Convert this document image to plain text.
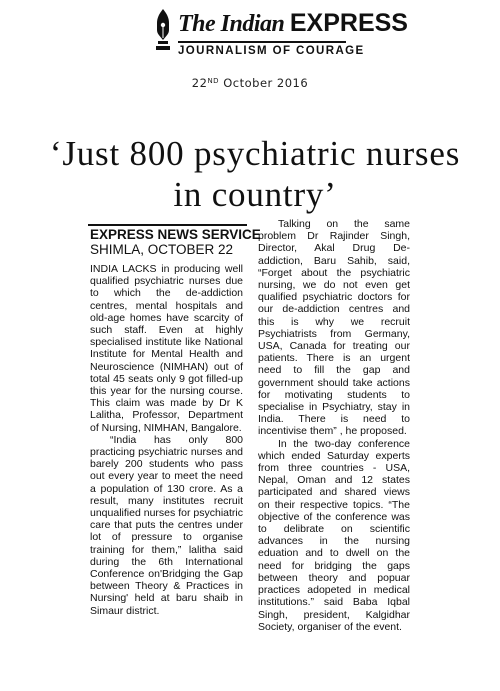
The Indian EXPRESS
JOURNALISM OF COURAGE
22ND October 2016
‘Just 800 psychiatric nurses in country’
EXPRESS NEWS SERVICE
SHIMLA, OCTOBER 22

INDIA LACKS in producing well qualified psychiatric nurses due to which the de-addiction centres, mental hospitals and old-age homes have scarcity of such staff. Even at highly specialised institute like National Institute for Mental Health and Neuroscience (NIMHAN) out of total 45 seats only 9 got filled-up this year for the nursing course. This claim was made by Dr K Lalitha, Professor, Department of Nursing, NIMHAN, Bangalore.

“India has only 800 practicing psychiatric nurses and barely 200 students who pass out every year to meet the need a population of 130 crore. As a result, many institutes recruit unqualified nurses for psychiatric care that puts the centres under lot of pressure to organise training for them,” lalitha said during the 6th International Conference on'Bridging the Gap between Theory & Practices in Nursing' held at baru shaib in Simaur district.

Talking on the same problem Dr Rajinder Singh, Director, Akal Drug De-addiction, Baru Sahib, said, “Forget about the psychiatric nursing, we do not even get qualified psychiatric doctors for our de-addiction centres and this is why we recruit Psychiatrists from Germany, USA, Canada for treating our patients. There is an urgent need to fill the gap and government should take actions for motivating students to specialise in Psychiatry, stay in India. There is need to incentivise them” , he proposed.

In the two-day conference which ended Saturday experts from three countries - USA, Nepal, Oman and 12 states participated and shared views on their respective topics. “The objective of the conference was to delibrate on scientific advances in the nursing eduation and to dwell on the need for bridging the gaps between theory and popuar practices adopeted in medical institutions.” said Baba Iqbal Singh, president, Kalgidhar Society, organiser of the event.
